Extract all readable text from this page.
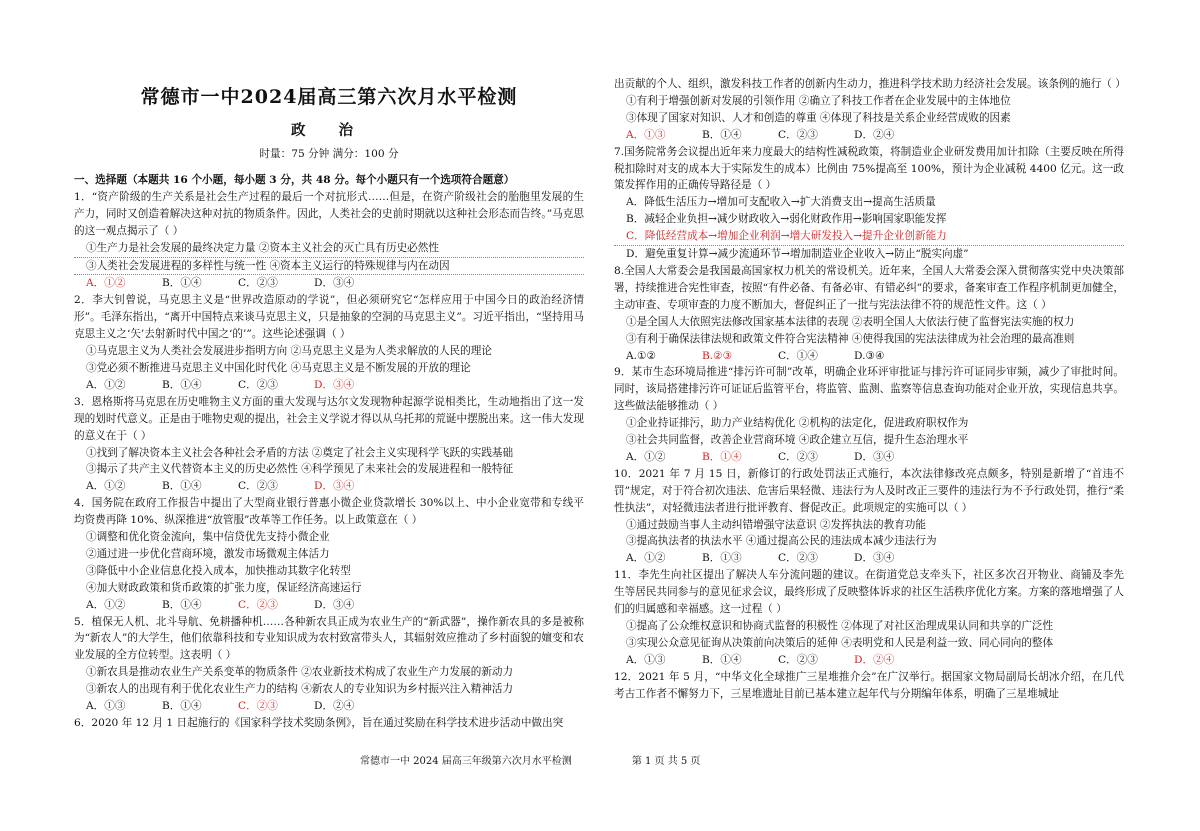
常德市一中2024届高三第六次月水平检测
政 治
时量：75 分钟 满分：100 分

一、选择题（本题共 16 个小题，每小题 3 分，共 48 分。每个小题只有一个选项符合题意）

1．“资产阶级的生产关系是社会生产过程的最后一个对抗形式……但是，在资产阶级社会的胎胞里发展的生产力，同时又创造着解决这种对抗的物质条件。因此，人类社会的史前时期就以这种社会形态而告终。”马克思的这一观点揭示了（ ）

①生产力是社会发展的最终决定力量 ②资本主义社会的灭亡具有历史必然性

③人类社会发展进程的多样性与统一性 ④资本主义运行的特殊规律与内在动因

A．①②	B．①④	C．②③	D．③④

2．李大钊曾说，马克思主义是“世界改造原动的学说”，但必须研究它“怎样应用于中国今日的政治经济情形”。毛泽东指出，“离开中国特点来谈马克思主义，只是抽象的空洞的马克思主义”。习近平指出，“坚持用马克思主义之‘矢’去射新时代中国之‘的’”。这些论述强调（ ）

①马克思主义为人类社会发展进步指明方向 ②马克思主义是为人类求解放的人民的理论

③党必须不断推进马克思主义中国化时代化 ④马克思主义是不断发展的开放的理论

A．①②	B．①④	C．②③	D．③④

3．恩格斯将马克思在历史唯物主义方面的重大发现与达尔文发现物种起源学说相类比，生动地指出了这一发现的划时代意义。正是由于唯物史观的提出，社会主义学说才得以从乌托邦的荒诞中摆脱出来。这一伟大发现的意义在于（ ）

①找到了解决资本主义社会各种社会矛盾的方法 ②奠定了社会主义实现科学飞跃的实践基础

③揭示了共产主义代替资本主义的历史必然性 ④科学预见了未来社会的发展进程和一般特征

A．①②	B．①④	C．②③	D．③④

4．国务院在政府工作报告中提出了大型商业银行普惠小微企业贷款增长 30%以上、中小企业宽带和专线平均资费再降 10%、纵深推进“放管服”改革等工作任务。以上政策意在（ ）

①调整和优化资金流向，集中信贷优先支持小微企业

②通过进一步优化营商环境，激发市场微观主体活力

③降低中小企业信息化投入成本，加快推动其数字化转型

④加大财政政策和货币政策的扩张力度，保证经济高速运行

A．①②	B．①④	C．②③	D．③④

5．植保无人机、北斗导航、免耕播种机……各种新农具正成为农业生产的“新武器”，操作新农具的多是被称为“新农人”的大学生，他们依靠科技和专业知识成为农村致富带头人，其辐射效应推动了乡村面貌的嬗变和农业发展的全方位转型。这表明（ ）

①新农具是推动农业生产关系变革的物质条件 ②农业新技术构成了农业生产力发展的新动力

③新农人的出现有利于优化农业生产力的结构 ④新农人的专业知识为乡村振兴注入精神活力

A．①③	B．①④	C．②③	D．②④

6．2020 年 12 月 1 日起施行的《国家科学技术奖励条例》，旨在通过奖励在科学技术进步活动中做出突

出贡献的个人、组织，激发科技工作者的创新内生动力，推进科学技术助力经济社会发展。该条例的施行（ ）

①有利于增强创新对发展的引领作用 ②确立了科技工作者在企业发展中的主体地位

③体现了国家对知识、人才和创造的尊重 ④体现了科技是关系企业经营成败的因素

A．①③	B．①④	C．②③	D．②④

7.国务院常务会议提出近年来力度最大的结构性减税政策，将制造业企业研发费用加计扣除（主要反映在所得税扣除时对支的成本大于实际发生的成本）比例由 75%提高至 100%，预计为企业减税 4400 亿元。这一政策发挥作用的正确传导路径是（ ）

A．降低生活压力→增加可支配收入→扩大消费支出→提高生活质量

B．减轻企业负担→减少财政收入→弱化财政作用→影响国家职能发挥

C．降低经营成本→增加企业利润→增大研发投入→提升企业创新能力

D．避免重复计算→减少流通环节→增加制造业企业收入→防止“脱实向虚”

8.全国人大常委会是我国最高国家权力机关的常设机关。近年来，全国人大常委会深入贯彻落实党中央决策部署，持续推进合宪性审查，按照“有件必备、有备必审、有错必纠”的要求，备案审查工作程序机制更加健全，主动审查、专项审查的力度不断加大，督促纠正了一批与宪法法律不符的规范性文件。这（ ）

①是全国人大依照宪法修改国家基本法律的表现 ②表明全国人大依法行使了监督宪法实施的权力

③有利于确保法律法规和政策文件符合宪法精神 ④使得我国的宪法法律成为社会治理的最高准则

A.①②	B.②③	C．①④	D.③④

9．某市生态环境局推进“排污许可制”改革，明确企业环评审批证与排污许可证同步审频，减少了审批时间。同时，该局搭建排污许可证证后监管平台，将监管、监测、监察等信息查询功能对企业开放，实现信息共享。这些做法能够推动（ ）

①企业持证排污，助力产业结构优化 ②机构的法定化，促进政府职权作为

③社会共同监督，改善企业营商环境 ④政企建立互信，提升生态治理水平

A．①②	B．①④	C．②③	D．③④

10．2021 年 7 月 15 日，新修订的行政处罚法正式施行，本次法律修改亮点颇多，特别是新增了“首违不罚”规定，对于符合初次违法、危害后果轻微、违法行为人及时改正三要件的违法行为不予行政处罚，推行“柔性执法”，对轻微违法者进行批评教育、督促改正。此项规定的实施可以（ ）

①通过鼓励当事人主动纠错增强守法意识 ②发挥执法的教育功能

③提高执法者的执法水平 ④通过提高公民的违法成本减少违法行为

A．①②	B．①③	C．②③	D．③④

11．李先生向社区提出了解决人车分流问题的建议。在街道党总支牵头下，社区多次召开物业、商铺及李先生等居民共同参与的意见征求会议，最终形成了反映整体诉求的社区生活秩序优化方案。方案的落地增强了人们的归属感和幸福感。这一过程（ ）

①提高了公众维权意识和协商式监督的积极性 ②体现了对社区治理成果认同和共享的广泛性

③实现公众意见征询从决策前向决策后的延伸 ④表明党和人民是利益一致、同心同向的整体

A．①③	B．①④	C．②③	D．②④

12．2021 年 5 月，“中华文化全球推广三星堆推介会”在广汉举行。据国家文物局副局长胡冰介绍，在几代考古工作者不懈努力下，三星堆遗址目前已基本建立起年代与分期编年体系，明确了三星堆城址

常德市一中 2024 届高三年级第六次月水平检测	第 1 页 共 5 页
